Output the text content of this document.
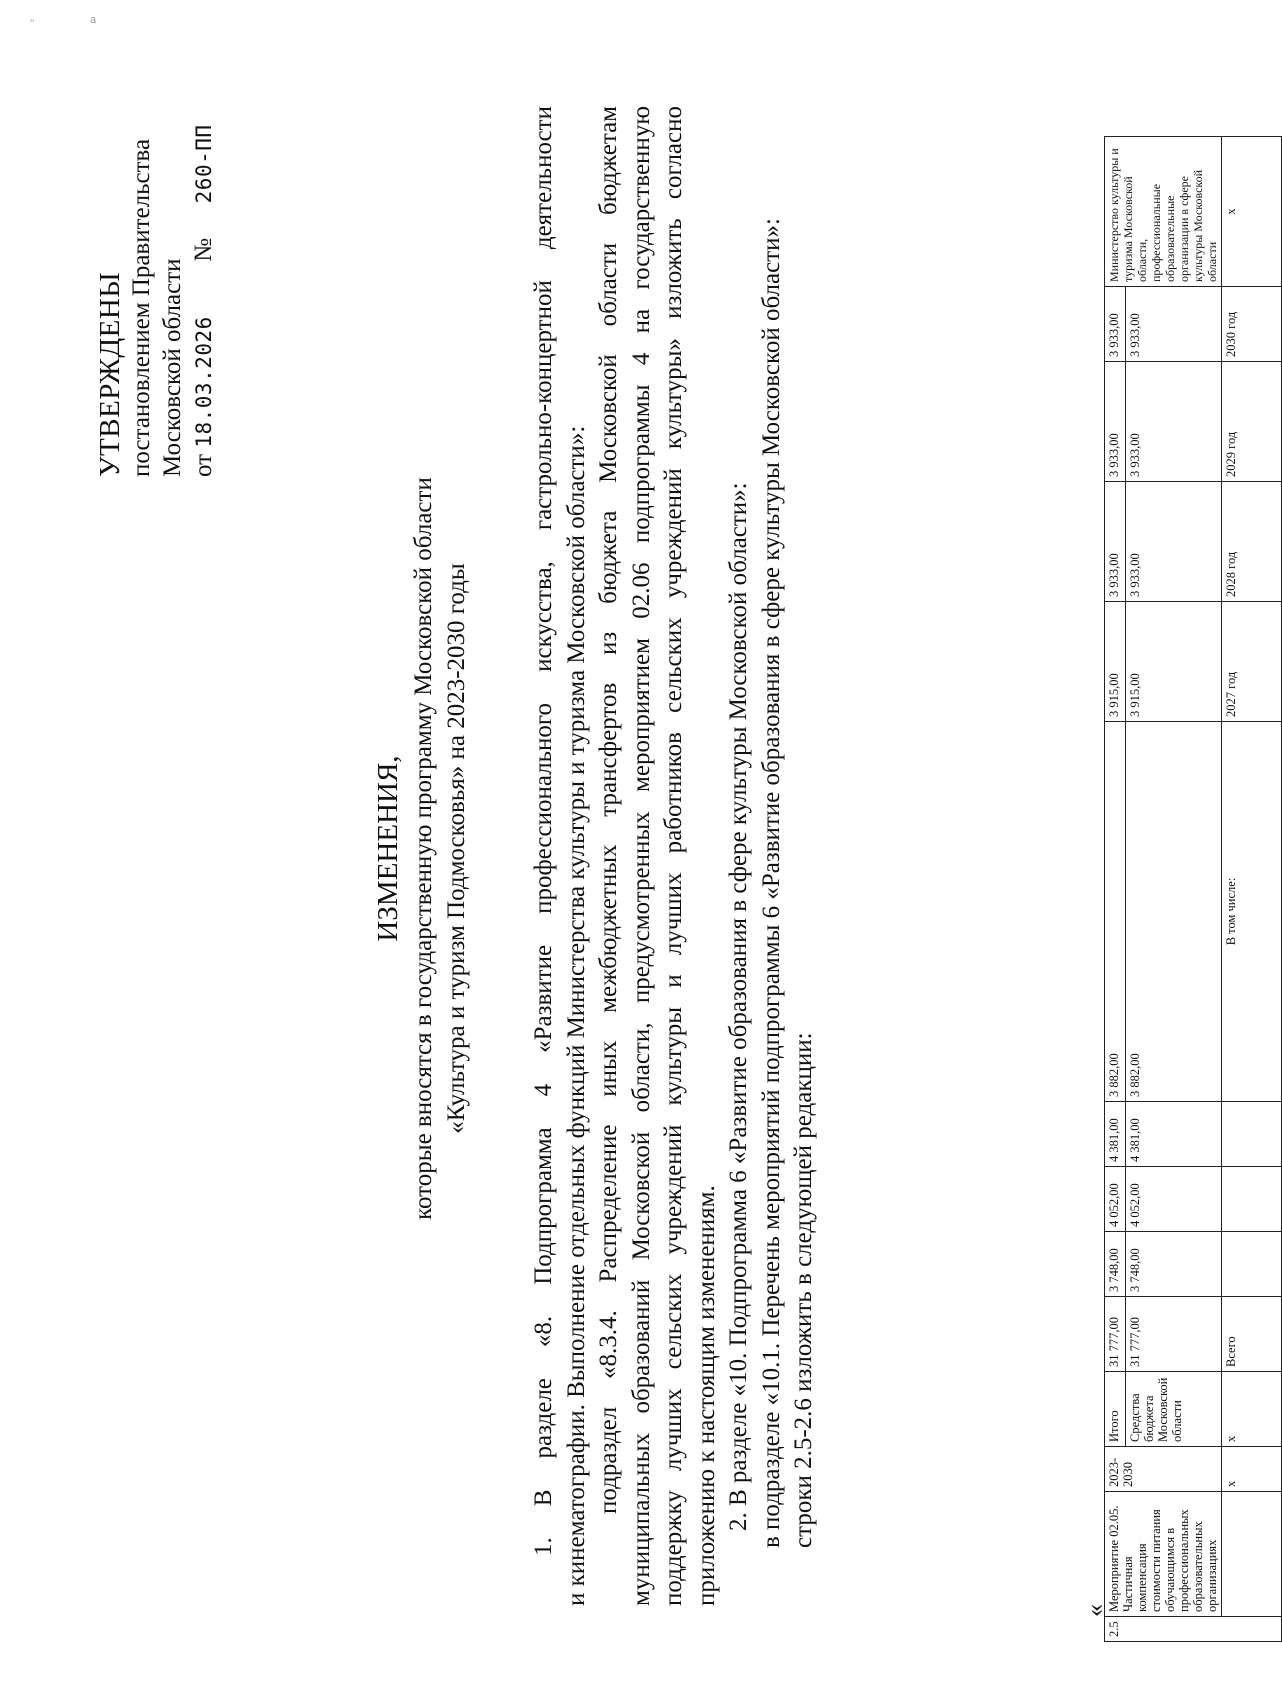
''	а
УТВЕРЖДЕНЫ постановлением Правительства Московской области от 18.03.2026  №  260-ПП
ИЗМЕНЕНИЯ, которые вносятся в государственную программу Московской области «Культура и туризм Подмосковья» на 2023-2030 годы 1. В разделе «8. Подпрограмма 4 «Развитие профессионального искусства, гастрольно-концертной деятельности и кинематографии. Выполнение отдельных функций Министерства культуры и туризма Московской области»: подраздел «8.3.4. Распределение иных межбюджетных трансфертов из бюджета Московской области бюджетам муниципальных образований Московской области, предусмотренных мероприятием 02.06 подпрограммы 4 на государственную поддержку лучших сельских учреждений культуры и лучших работников сельских учреждений культуры» изложить согласно приложению к настоящим изменениям. 2. В разделе «10. Подпрограмма 6 «Развитие образования в сфере культуры Московской области»: в подразделе «10.1. Перечень мероприятий подпрограммы 6 «Развитие образования в сфере культуры Московской области»: строки 2.5-2.6 изложить в следующей редакции:

«
2.5	Мероприятие 02.05. Частичная компенсация стоимости питания обучающимся в профессиональных образовательных организациях	2023-2030	Итого	31 777,00	3 748,00	4 052,00	4 381,00	3 882,00	3 915,00	3 933,00	3 933,00	3 933,00	Министерство культуры и туризма Московской области, профессиональные образовательные организации в сфере культуры Московской области
			Средства бюджета Московской области	31 777,00	3 748,00	4 052,00	4 381,00	3 882,00	3 915,00	3 933,00	3 933,00	3 933,00	
		х	х	Всего				В том числе:	2027 год	2028 год	2029 год	2030 год	х
